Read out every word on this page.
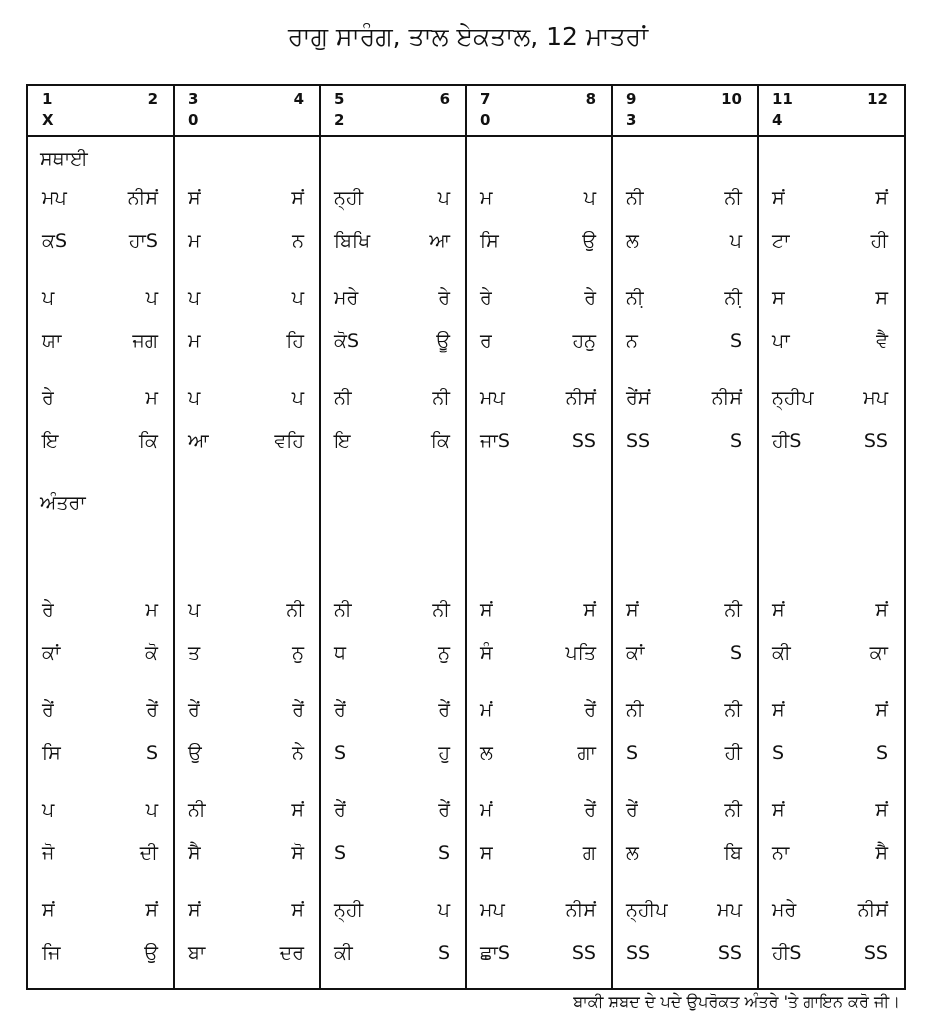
ਰਾਗੁ ਸਾਰੰਗ, ਤਾਲ ਏਕਤਾਲ, 12 ਮਾਤਰਾਂ
1	2 3	4 5	6 7	8 9	10 11	12
X	0	2	0	3	4
ਸਥਾਈ
ਮਪ	ਨੀਸਂ ਸਂ	ਸਂ ਨ੍ਹੀ	ਪ ਮ	ਪ ਨੀ	ਨੀ ਸਂ	ਸਂ
ਕS	ਹਾS ਮ	ਨ ਬਿਖਿ	ਆ ਸਿ	ਉ ਲ	ਪ ਟਾ	ਹੀ
ਪ	ਪ ਪ	ਪ ਮਰੇ	ਰੇ ਰੇ	ਰੇ ਨੀ਼	ਨੀ਼ ਸ	ਸ
ਯਾ	ਜਗ ਮ	ਹਿ ਕੋS	ਊ ਰ	ਹਨੁ ਨ	S ਪਾ	ਵੈ
ਰੇ	ਮ ਪ	ਪ ਨੀ	ਨੀ ਮਪ	ਨੀਸਂ ਰੇਂਸਂ	ਨੀਸਂ ਨ੍ਹੀਪ	ਮਪ
ਇ	ਕਿ ਆ	ਵਹਿ ਇ	ਕਿ ਜਾS	SS SS	S ਹੀS	SS
ਅੰਤਰਾ
ਰੇ	ਮ ਪ	ਨੀ ਨੀ	ਨੀ ਸਂ	ਸਂ ਸਂ	ਨੀ ਸਂ	ਸਂ
ਕਾਂ	ਕੋ ਤ	ਨੁ ਧ	ਨੁ ਸੰ	ਪਤਿ ਕਾਂ	S ਕੀ	ਕਾ
ਰੇਂ	ਰੇਂ ਰੇਂ	ਰੇਂ ਰੇਂ	ਰੇਂ ਮਂ	ਰੇਂ ਨੀ	ਨੀ ਸਂ	ਸਂ
ਸਿ	S ਉ	ਨੇ S	ਹੁ ਲ	ਗਾ S	ਹੀ S	S
ਪ	ਪ ਨੀ	ਸਂ ਰੇਂ	ਰੇਂ ਮਂ	ਰੇਂ ਰੇਂ	ਨੀ ਸਂ	ਸਂ
ਜੋ	ਦੀ ਸੈ	ਸੋ S	S ਸ	ਗ ਲ	ਬਿ ਨਾ	ਸੈ
ਸਂ	ਸਂ ਸਂ	ਸਂ ਨ੍ਹੀ	ਪ ਮਪ	ਨੀਸਂ ਨ੍ਹੀਪ	ਮਪ ਮਰੇ	ਨੀਸਂ
ਜਿ	ਉ ਬਾ	ਦਰ ਕੀ	S ਛਾS	SS SS	SS ਹੀS	SS
ਬਾਕੀ ਸ਼ਬਦ ਦੇ ਪਦੇ ਉਪਰੋਕਤ ਅੰਤਰੇ 'ਤੇ ਗਾਇਨ ਕਰੋ ਜੀ।
